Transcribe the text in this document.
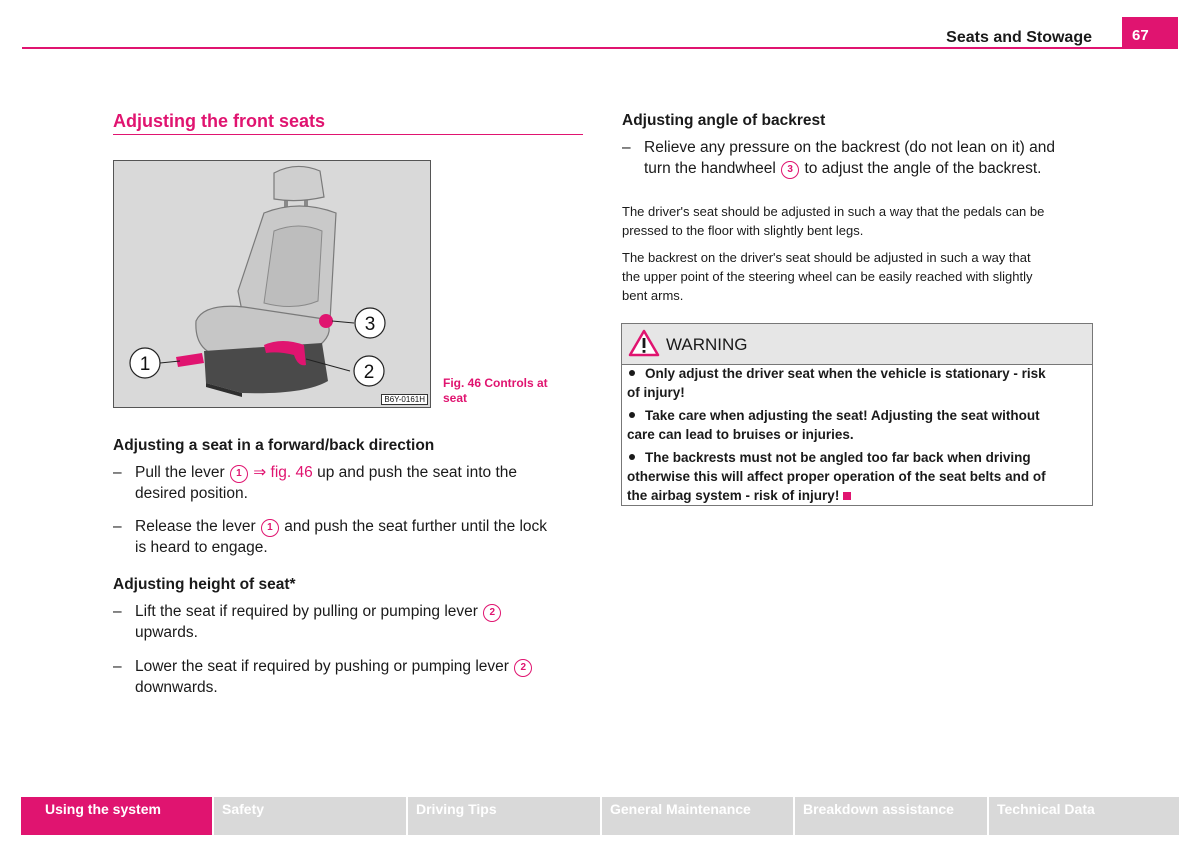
Seats and Stowage	67
Adjusting the front seats
1
3
2
B6Y-0161H
Fig. 46 Controls at
seat
Adjusting a seat in a forward/back direction
– Pull the lever 1 ⇒ fig. 46 up and push the seat into the
desired position.
– Release the lever 1 and push the seat further until the lock
is heard to engage.
Adjusting height of seat*
– Lift the seat if required by pulling or pumping lever 2
upwards.
– Lower the seat if required by pushing or pumping lever 2
downwards.
Adjusting angle of backrest
– Relieve any pressure on the backrest (do not lean on it) and
turn the handwheel 3 to adjust the angle of the backrest.
The driver's seat should be adjusted in such a way that the pedals can be
pressed to the floor with slightly bent legs.
The backrest on the driver's seat should be adjusted in such a way that
the upper point of the steering wheel can be easily reached with slightly
bent arms.
WARNING
Only adjust the driver seat when the vehicle is stationary - risk
of injury!
Take care when adjusting the seat! Adjusting the seat without
care can lead to bruises or injuries.
The backrests must not be angled too far back when driving
otherwise this will affect proper operation of the seat belts and of
the airbag system - risk of injury!
Using the system	Safety	Driving Tips	General Maintenance	Breakdown assistance	Technical Data
